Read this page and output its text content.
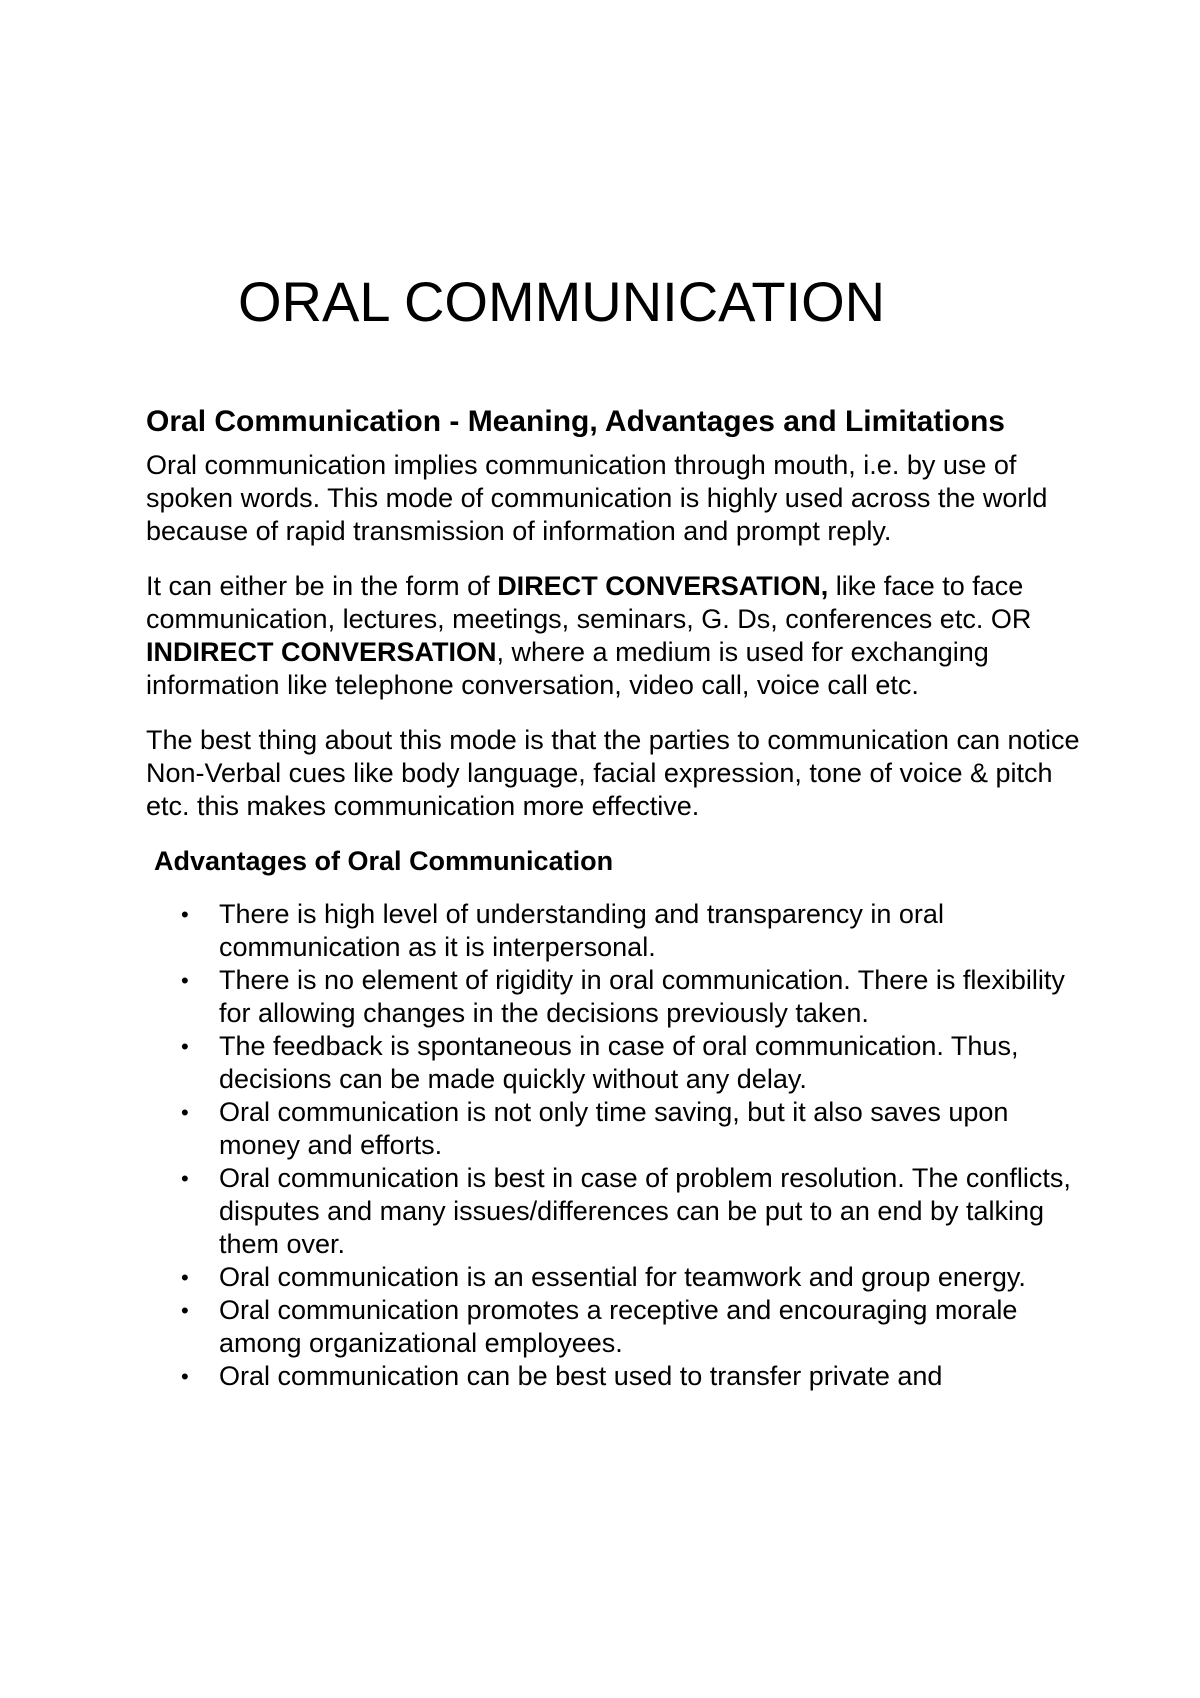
ORAL COMMUNICATION
Oral Communication - Meaning, Advantages and Limitations

Oral communication implies communication through mouth, i.e. by use of spoken words. This mode of communication is highly used across the world because of rapid transmission of information and prompt reply.

It can either be in the form of DIRECT CONVERSATION, like face to face communication, lectures, meetings, seminars, G. Ds, conferences etc. OR INDIRECT CONVERSATION, where a medium is used for exchanging information like telephone conversation, video call, voice call etc.

The best thing about this mode is that the parties to communication can notice Non-Verbal cues like body language, facial expression, tone of voice & pitch etc. this makes communication more effective.

Advantages of Oral Communication
• There is high level of understanding and transparency in oral communication as it is interpersonal.
• There is no element of rigidity in oral communication. There is flexibility for allowing changes in the decisions previously taken.
• The feedback is spontaneous in case of oral communication. Thus, decisions can be made quickly without any delay.
• Oral communication is not only time saving, but it also saves upon money and efforts.
• Oral communication is best in case of problem resolution. The conflicts, disputes and many issues/differences can be put to an end by talking them over.
• Oral communication is an essential for teamwork and group energy.
• Oral communication promotes a receptive and encouraging morale among organizational employees.
• Oral communication can be best used to transfer private and
